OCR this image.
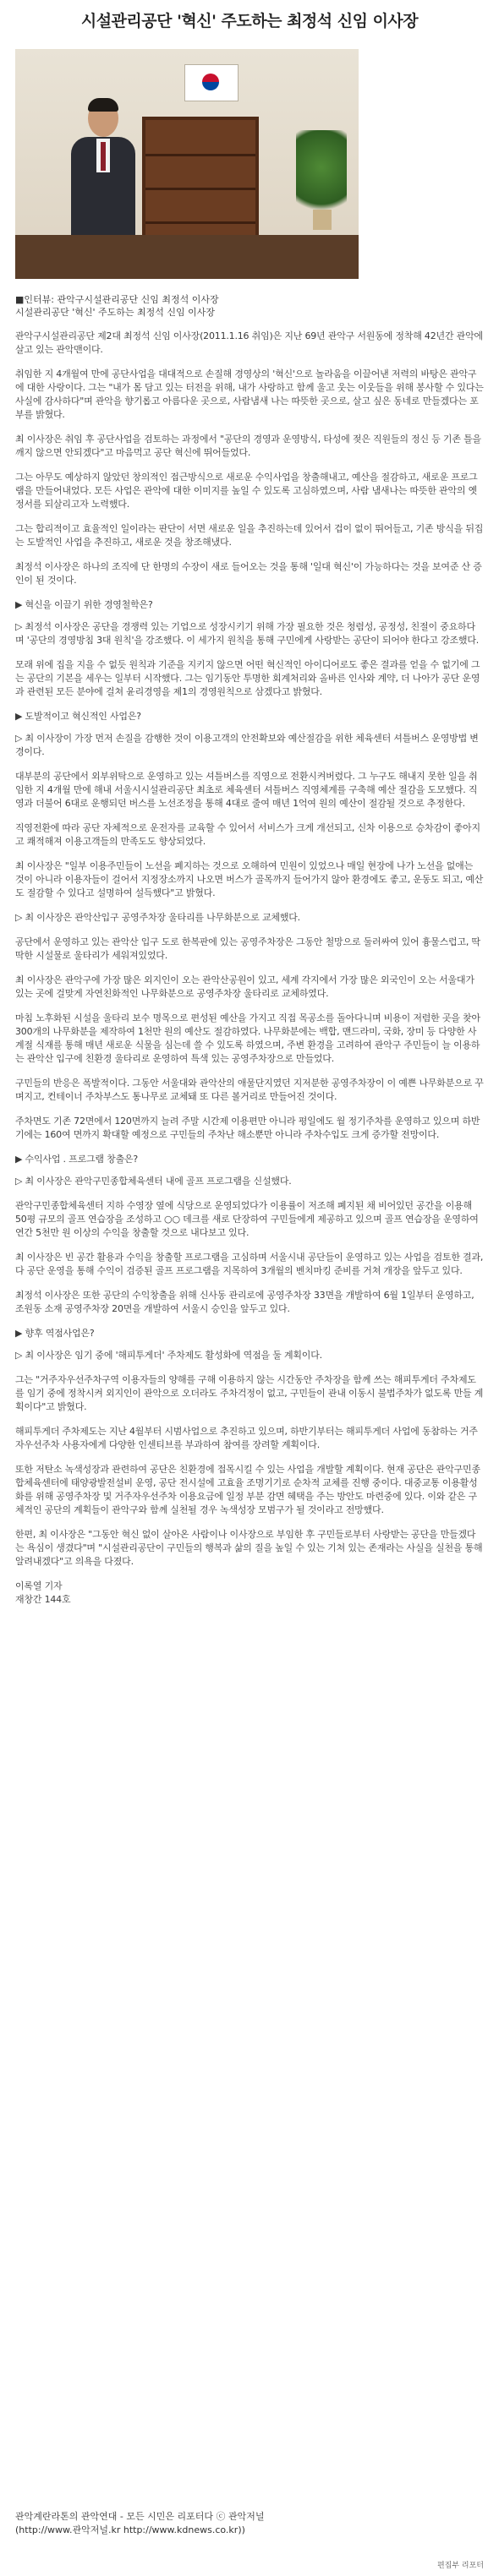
시설관리공단 '혁신' 주도하는 최정석 신임 이사장
■인터뷰: 관악구시설관리공단 신임 최정석 이사장
시설관리공단 '혁신' 주도하는 최정석 신임 이사장

관악구시설관리공단 제2대 최정석 신임 이사장(2011.1.16 취임)은 지난 69년 관악구 서원동에 정착해 42년간 관악에 살고 있는 관악맨이다.

취임한 지 4개월여 만에 공단사업을 대대적으로 손질해 경영상의 '혁신'으로 놀라움을 이끌어낸 저력의 바탕은 관악구에 대한 사랑이다. 그는 "내가 몸 담고 있는 터전을 위해, 내가 사랑하고 함께 울고 웃는 이웃들을 위해 봉사할 수 있다는 사실에 감사하다"며 관악을 향기롭고 아름다운 곳으로, 사람냄새 나는 따뜻한 곳으로, 살고 싶은 동네로 만들겠다는 포부를 밝혔다.

최 이사장은 취임 후 공단사업을 검토하는 과정에서 "공단의 경영과 운영방식, 타성에 젖은 직원들의 정신 등 기존 틀을 깨지 않으면 안되겠다"고 마음먹고 공단 혁신에 뛰어들었다.

그는 아무도 예상하지 않았던 창의적인 접근방식으로 새로운 수익사업을 창출해내고, 예산을 절감하고, 새로운 프로그램을 만들어내었다. 모든 사업은 관악에 대한 이미지를 높일 수 있도록 고심하였으며, 사람 냄새나는 따뜻한 관악의 옛 정서를 되살리고자 노력했다.

그는 합리적이고 효율적인 일이라는 판단이 서면 새로운 일을 추진하는데 있어서 겁이 없이 뛰어들고, 기존 방식을 뒤집는 도발적인 사업을 추진하고, 새로운 것을 창조해냈다.

최정석 이사장은 하나의 조직에 단 한명의 수장이 새로 들어오는 것을 통해 '일대 혁신'이 가능하다는 것을 보여준 산 증인이 된 것이다.

▶ 혁신을 이끌기 위한 경영철학은?

▷ 최정석 이사장은 공단을 경쟁력 있는 기업으로 성장시키기 위해 가장 필요한 것은 청렴성, 공정성, 친절이 중요하다며 '공단의 경영방침 3대 원칙'을 강조했다. 이 세가지 원칙을 통해 구민에게 사랑받는 공단이 되어야 한다고 강조했다.

모래 위에 집을 지을 수 없듯 원칙과 기준을 지키지 않으면 어떤 혁신적인 아이디어로도 좋은 결과를 얻을 수 없기에 그는 공단의 기본을 세우는 일부터 시작했다. 그는 임기동안 투명한 회계처리와 올바른 인사와 계약, 더 나아가 공단 운영과 관련된 모든 분야에 걸쳐 윤리경영을 제1의 경영원칙으로 삼겠다고 밝혔다.

▶ 도발적이고 혁신적인 사업은?

▷ 최 이사장이 가장 먼저 손질을 감행한 것이 이용고객의 안전확보와 예산절감을 위한 체육센터 셔틀버스 운영방법 변경이다.

대부분의 공단에서 외부위탁으로 운영하고 있는 셔틀버스를 직영으로 전환시켜버렸다. 그 누구도 해내지 못한 일을 취임한 지 4개월 만에 해내 서울시시설관리공단 최초로 체육센터 셔틀버스 직영체계를 구축해 예산 절감을 도모했다. 직영과 더불어 6대로 운행되던 버스를 노선조정을 통해 4대로 줄여 매년 1억여 원의 예산이 절감될 것으로 추정한다.

직영전환에 따라 공단 자체적으로 운전자를 교육할 수 있어서 서비스가 크게 개선되고, 신차 이용으로 승차감이 좋아지고 쾌적해져 이용고객들의 만족도도 향상되었다.

최 이사장은 "일부 이용주민들이 노선을 폐지하는 것으로 오해하여 민원이 있었으나 매일 현장에 나가 노선을 없애는 것이 아니라 이용자들이 걸어서 지정장소까지 나오면 버스가 골목까지 들어가지 않아 환경에도 좋고, 운동도 되고, 예산도 절감할 수 있다고 설명하여 설득했다"고 밝혔다.

▷ 최 이사장은 관악산입구 공영주차장 울타리를 나무화분으로 교체했다.

공단에서 운영하고 있는 관악산 입구 도로 한복판에 있는 공영주차장은 그동안 철망으로 둘러싸여 있어 흉물스럽고, 딱딱한 시설물로 울타리가 세워져있었다.

최 이사장은 관악구에 가장 많은 외지인이 오는 관악산공원이 있고, 세계 각지에서 가장 많은 외국인이 오는 서울대가 있는 곳에 걸맞게 자연친화적인 나무화분으로 공영주차장 울타리로 교체하였다.

마침 노후화된 시설을 울타리 보수 명목으로 편성된 예산을 가지고 직접 목공소를 돌아다니며 비용이 저렴한 곳을 찾아 300개의 나무화분을 제작하여 1천만 원의 예산도 절감하였다. 나무화분에는 백합, 맨드라미, 국화, 장미 등 다양한 사계절 식재를 통해 매년 새로운 식물을 심는데 쓸 수 있도록 하였으며, 주변 환경을 고려하여 관악구 주민들이 늘 이용하는 관악산 입구에 친환경 울타리로 운영하여 특색 있는 공영주차장으로 만들었다.

구민들의 반응은 폭발적이다. 그동안 서울대와 관악산의 애물단지였던 지저분한 공영주차장이 이 예쁜 나무화분으로 꾸며지고, 컨테이너 주차부스도 통나무로 교체돼 또 다른 볼거리로 만들어진 것이다.

주차면도 기존 72면에서 120면까지 늘려 주말 시간제 이용편만 아니라 평일에도 월 정기주차를 운영하고 있으며 하반기에는 160여 면까지 확대할 예정으로 구민들의 주차난 해소뿐만 아니라 주차수입도 크게 증가할 전망이다.

▶ 수익사업 . 프로그램 창출은?

▷ 최 이사장은 관악구민종합체육센터 내에 골프 프로그램을 신설했다.

관악구민종합체육센터 지하 수영장 옆에 식당으로 운영되었다가 이용률이 저조해 폐지된 채 비어있던 공간을 이용해 50평 규모의 골프 연습장을 조성하고 ○○ 데크를 새로 단장하여 구민들에게 제공하고 있으며 골프 연습장을 운영하여 연간 5천만 원 이상의 수익을 창출할 것으로 내다보고 있다.

최 이사장은 빈 공간 활용과 수익을 창출할 프로그램을 고심하며 서울시내 공단들이 운영하고 있는 사업을 검토한 결과, 다 공단 운영을 통해 수익이 검증된 골프 프로그램을 지목하여 3개월의 벤치마킹 준비를 거쳐 개장을 앞두고 있다.

최정석 이사장은 또한 공단의 수익창출을 위해 신사동 관리로에 공영주차장 33면을 개발하여 6월 1일부터 운영하고, 조원동 소재 공영주차장 20면을 개발하여 서울시 승인을 앞두고 있다.

▶ 향후 역점사업은?

▷ 최 이사장은 임기 중에 '해피투게더' 주차제도 활성화에 역점을 둘 계획이다.

그는 "거주자우선주차구역 이용자들의 양해를 구해 이용하지 않는 시간동안 주차장을 함께 쓰는 해피투게더 주차제도를 임기 중에 정착시켜 외지인이 관악으로 오더라도 주차걱정이 없고, 구민들이 관내 이동시 불법주차가 없도록 만들 계획이다"고 밝혔다.

해피투게더 주차제도는 지난 4월부터 시범사업으로 추진하고 있으며, 하반기부터는 해피투게더 사업에 동참하는 거주자우선주차 사용자에게 다양한 인센티브를 부과하여 참여를 장려할 계획이다.

또한 저탄소 녹색성장과 관련하여 공단은 친환경에 접목시킬 수 있는 사업을 개발할 계획이다. 현재 공단은 관악구민종합체육센터에 태양광발전설비 운영, 공단 전시설에 고효율 조명기기로 순차적 교체를 진행 중이다. 대중교통 이용활성화를 위해 공영주차장 및 거주자우선주차 이용요금에 일정 부분 감면 혜택을 주는 방안도 마련중에 있다. 이와 같은 구체적인 공단의 계획들이 관악구와 함께 실천될 경우 녹색성장 모범구가 될 것이라고 전망했다.

한편, 최 이사장은 "그동안 혁신 없이 살아온 사람이나 이사장으로 부임한 후 구민들로부터 사랑받는 공단을 만들겠다는 욕심이 생겼다"며 "시설관리공단이 구민들의 행복과 삶의 질을 높일 수 있는 기쳐 있는 존재라는 사실을 실천을 통해 알려내겠다"고 의욕을 다졌다.

이록열 기자
재창간 144호

관악계란라톤의 관악연대 - 모든 시민은 리포터다 ⓒ 관악저널
(http://www.관악저널.kr http://www.kdnews.co.kr))
편집부 리포터
